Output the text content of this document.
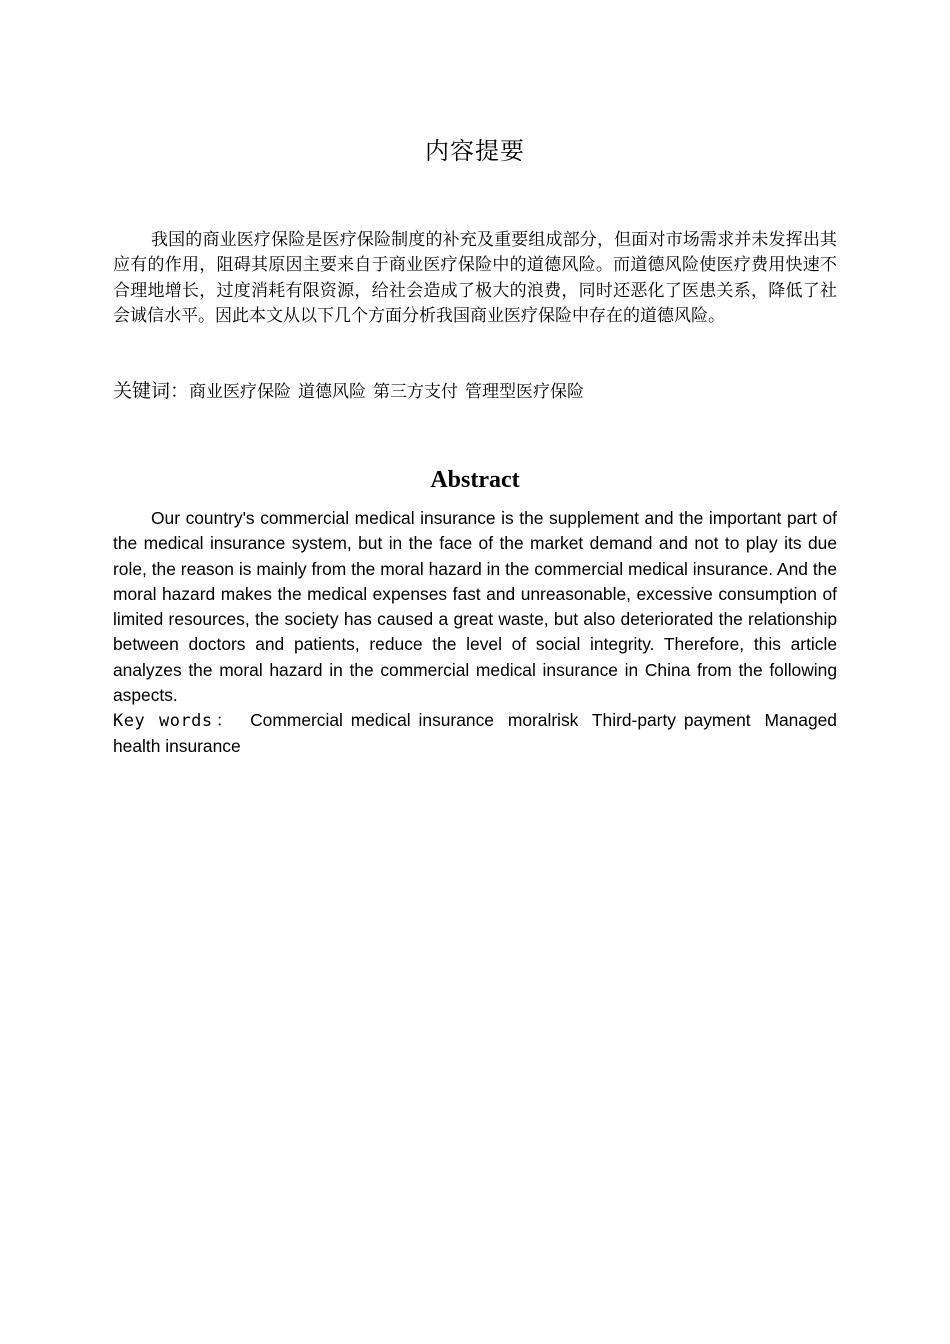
内容提要

我国的商业医疗保险是医疗保险制度的补充及重要组成部分，但面对市场需求并未发挥出其应有的作用，阻碍其原因主要来自于商业医疗保险中的道德风险。而道德风险使医疗费用快速不合理地增长，过度消耗有限资源，给社会造成了极大的浪费，同时还恶化了医患关系，降低了社会诚信水平。因此本文从以下几个方面分析我国商业医疗保险中存在的道德风险。

关键词：商业医疗保险 道德风险 第三方支付 管理型医疗保险
Abstract

Our country's commercial medical insurance is the supplement and the important part of the medical insurance system, but in the face of the market demand and not to play its due role, the reason is mainly from the moral hazard in the commercial medical insurance. And the moral hazard makes the medical expenses fast and unreasonable, excessive consumption of limited resources, the society has caused a great waste, but also deteriorated the relationship between doctors and patients, reduce the level of social integrity. Therefore, this article analyzes the moral hazard in the commercial medical insurance in China from the following aspects.

Key words： Commercial medical insurance moralrisk Third-party payment Managed health insurance
